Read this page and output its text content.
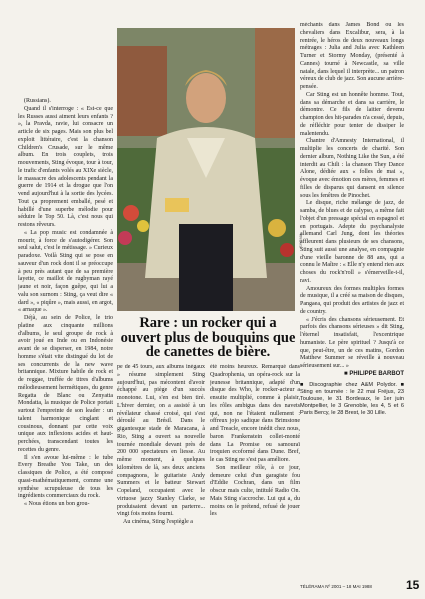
SYGMA

(Russians).

Quand il s'interroge : « Est-ce que les Russes aussi aiment leurs enfants ? », la Pravda, ravie, lui consacre un article de six pages. Mais son plus bel exploit littéraire, c'est la chanson Children's Crusade, sur le même album. En trois couplets, trois mouvements, Sting évoque, tour à tour, le trafic d'enfants volés au XIXe siècle, le massacre des adolescents pendant la guerre de 1914 et la drogue que l'on vend aujourd'hui à la sortie des lycées. Tout ça proprement emballé, pesé et habillé d'une superbe mélodie pour séduire le Top 50. Là, c'est nous qui restons rêveurs.

« La pop music est condamnée à mourir, à force de s'autodigérer. Son seul salut, c'est le métissage. » Curieux paradoxe. Voilà Sting qui se pose en sauveur d'un rock dont il se préoccupe à peu près autant que de sa première layette, ce maillot de rugbyman rayé jaune et noir, façon guêpe, qui lui a valu son surnom : Sting, ça veut dire « dard », « piqûre », mais aussi, en argot, « arnaque ».

Déjà, au sein de Police, le trio platine aux cinquante millions d'albums, le seul groupe de rock à avoir joué en Inde ou en Indonésie avant de se disperser, en 1984, notre homme s'était vite distingué du lot de ses concurrents de la new wave britannique. Mixture habile de rock et de reggae, truffée de titres d'albums mélodieusement hermétiques, du genre Regatta de Blanc ou Zenyatta Mondatta, la musique de Police portait surtout l'empreinte de son leader : un talent harmonique cinglant et cousinous, donnant par cette voix unique aux inflexions acides et haut-perchées, transcendant toutes les recettes du genre.

Il s'en avoue lui-même : le tube Every Breathe You Take, un des classiques de Police, a été composé quasi-mathématiquement, comme une synthèse scrupuleuse de tous les ingrédients commerciaux du rock.

« Nous étions un bon grou-

Rare : un rocker qui a ouvert plus de bouquins que de canettes de bière.

pe de 45 tours, aux albums inégaux » résume simplement Sting aujourd'hui, pas mécontent d'avoir échappé au piège d'un succès monotone. Lui, s'en est bien tiré. L'hiver dernier, on a assisté à un révélateur chassé croisé, qui s'est déroulé au Brésil. Dans le gigantesque stade de Maracana, à Rio, Sting a ouvert sa nouvelle tournée mondiale devant près de 200 000 spectateurs en liesse. Au même moment, à quelques kilomètres de là, ses deux anciens compagnons, le guitariste Andy Summers et le batteur Stewart Copeland, occupaient avec le virtuose jazzy Stanley Clarke, se produisaient devant un parterre... vingt fois moins fourni.

Au cinéma, Sting l'espiègle a

été moins heureux. Remarqué dans Quadrophenia, un opéra-rock sur la jeunesse britannique, adapté d'un disque des Who, le rocker-acteur a ensuite multiplié, comme à plaisir, les rôles ambigus dans des navets qui, non ne l'étaient nullement : offreux jojo sadique dans Brimstone and Treacle, encore inédit chez nous, baron Frankenstein collet-monté dans La Promise ou samouraï iroquien ecoformé dans Dune. Bref, le cas Sting ne s'est pas améliore.

Son meilleur rôle, à ce jour, demeure celui d'un garagiste fou d'Eddie Cochran, dans un film obscur mais culte, intitulé Radio On. Mais Sting s'accroche. Lui qui a, du moins on le prétend, refusé de jouer les

méchants dans James Bond ou les chevaliers dans Excalibur, sera, à la rentrée, le héros de deux nouveaux longs métrages : Julia and Julia avec Kathleen Turner et Stormy Monday, (présenté à Cannes) tourné à Newcastle, sa ville natale, dans lequel il interprète... un patron véreux de club de jazz. Son aucune arrière-pensée.

Car Sting est un honnête homme. Tout, dans sa démarche et dans sa carrière, le démontre. Ce fils de laitier devenu champion des hit-parades n'a cessé, depuis, de réfléchir pour tenter de dissiper le malentendu.

Chantre d'Amnesty International, il multiplie les concerts de charité. Son dernier album, Nothing Like the Sun, a été interdit au Chili : la chanson They Dance Alone, dédiée aux « folles de mai », évoque avec émotion ces mères, femmes et filles de disparus qui dansent en silence sous les fenêtres de Pinochet.

Le disque, riche mélange de jazz, de samba, de blues et de calypso, a même fait l'objet d'un pressage spécial en espagnol et en portugais. Adepte du psychanalyste allemand Carl Jung, dont les théories affleurent dans plusieurs de ses chansons, Sting suit aussi une analyse, en compagnie d'une vieille baronne de 88 ans, qui a connu le Maître : « Elle n'y entend rien aux choses du rock'n'roll » s'émerveille-t-il, ravi.

Amoureux des formes multiples formes de musique, il a créé sa maison de disques, Pangaea, qui produit des artistes de jazz et de country.

« J'écris des chansons sérieusement. Et parfois des chansons sérieuses » dit Sting, l'éternel insatisfait, l'excentrique humaniste. Le père spirituel ? Jusqu'à ce que, peut-être, un de ces matins, Gordon Matthew Summer se réveille à nouveau sérieusement sur... »

■ PHILIPPE BARBOT
■ Discographie chez A&M Polydor. ■ Sting en tournée : le 22 mai Fréjus, 23 Toulouse, le 31 Bordeaux, le 1er juin Montpellier, le 3 Grenoble, les 4, 5 et 6 Paris Bercy, le 28 Brest, le 30 Lille.
TÉLÉRAMA Nº 2001 – 18 MAI 1988	15
